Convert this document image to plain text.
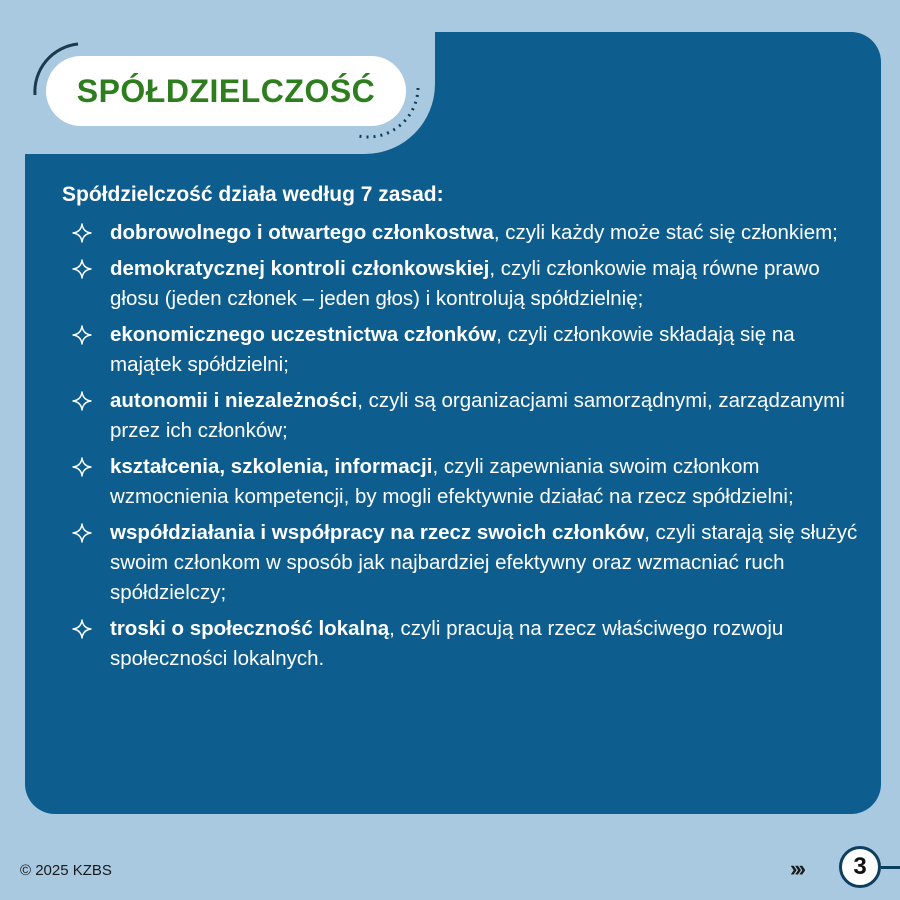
SPÓŁDZIELCZOŚĆ

Spółdzielczość działa według 7 zasad:

dobrowolnego i otwartego członkostwa, czyli każdy może stać się członkiem;
demokratycznej kontroli członkowskiej, czyli członkowie mają równe prawo głosu (jeden członek – jeden głos) i kontrolują spółdzielnię;
ekonomicznego uczestnictwa członków, czyli członkowie składają się na majątek spółdzielni;
autonomii i niezależności, czyli są organizacjami samorządnymi, zarządzanymi przez ich członków;
kształcenia, szkolenia, informacji, czyli zapewniania swoim członkom wzmocnienia kompetencji, by mogli efektywnie działać na rzecz spółdzielni;
współdziałania i współpracy na rzecz swoich członków, czyli starają się służyć swoim członkom w sposób jak najbardziej efektywny oraz wzmacniać ruch spółdzielczy;
troski o społeczność lokalną, czyli pracują na rzecz właściwego rozwoju społeczności lokalnych.
© 2025 KZBS	›››	3
